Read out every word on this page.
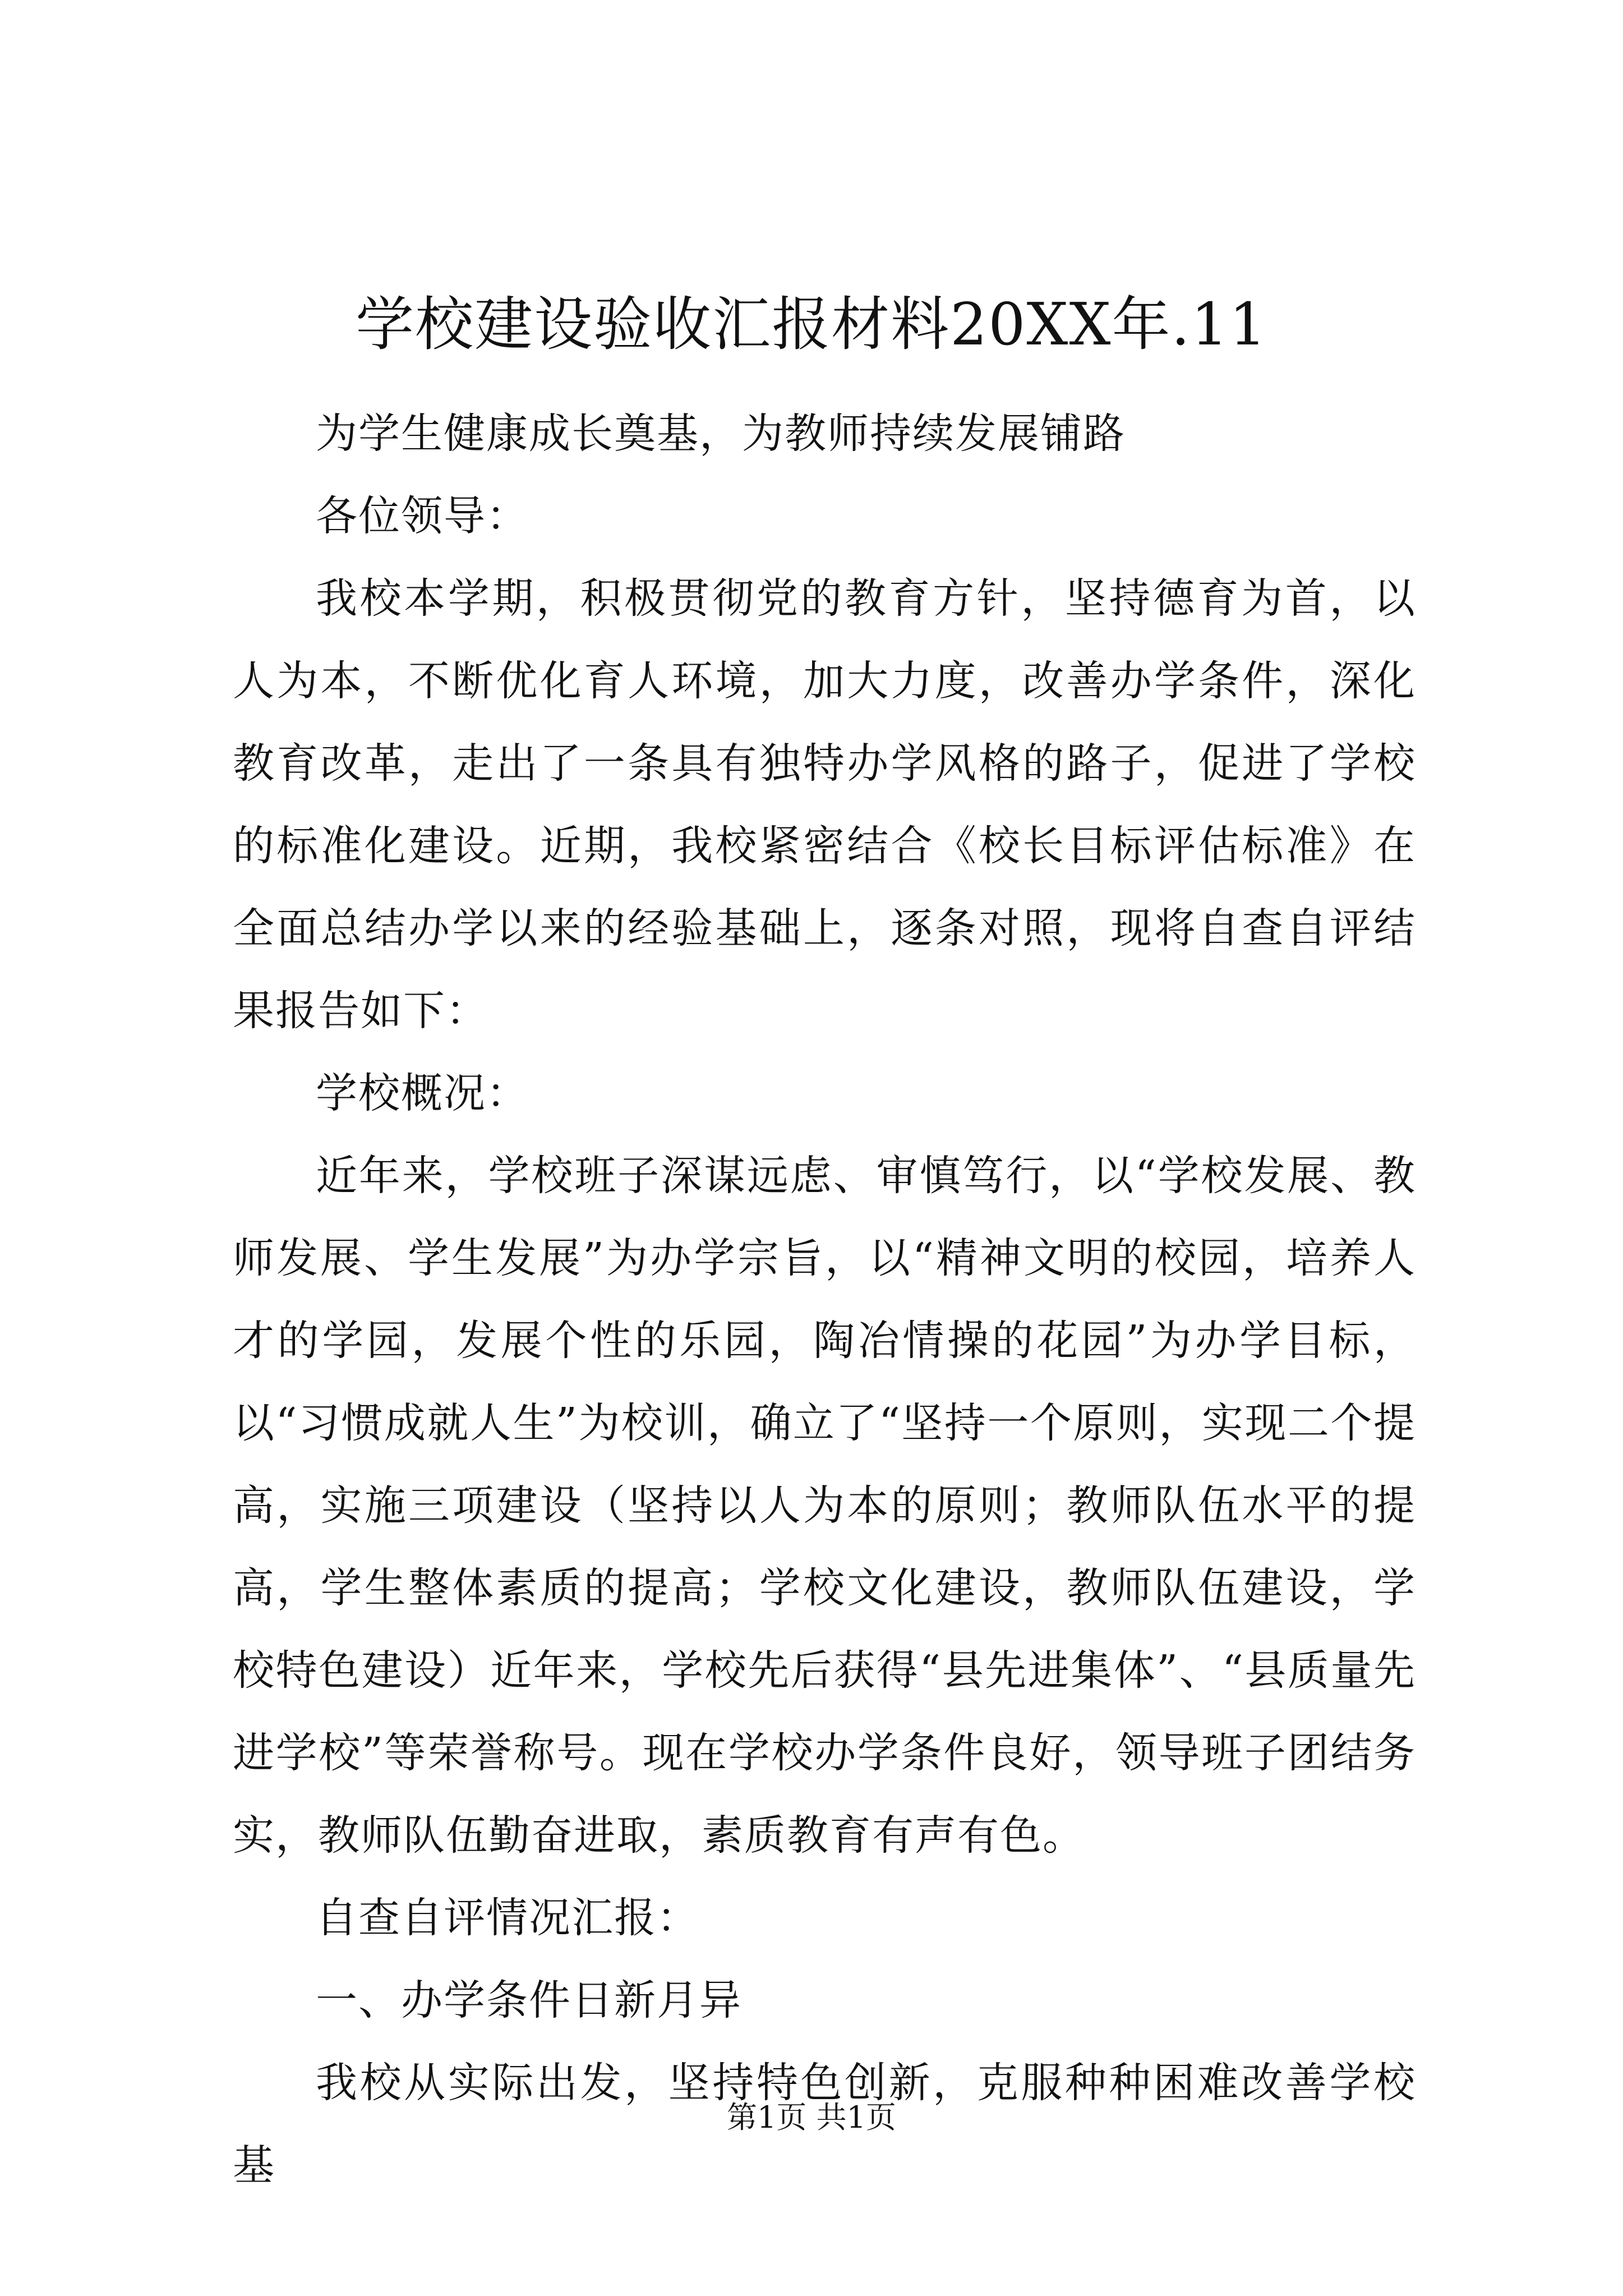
学校建设验收汇报材料20XX年.11

为学生健康成长奠基，为教师持续发展铺路

各位领导：

我校本学期，积极贯彻党的教育方针，坚持德育为首，以人为本，不断优化育人环境，加大力度，改善办学条件，深化教育改革，走出了一条具有独特办学风格的路子，促进了学校的标准化建设。近期，我校紧密结合《校长目标评估标准》在全面总结办学以来的经验基础上，逐条对照，现将自查自评结果报告如下：

学校概况：

近年来，学校班子深谋远虑、审慎笃行，以“学校发展、教师发展、学生发展”为办学宗旨，以“精神文明的校园，培养人才的学园，发展个性的乐园，陶冶情操的花园”为办学目标，以“习惯成就人生”为校训，确立了“坚持一个原则，实现二个提高，实施三项建设（坚持以人为本的原则；教师队伍水平的提高，学生整体素质的提高；学校文化建设，教师队伍建设，学校特色建设）近年来，学校先后获得“县先进集体”、“县质量先进学校”等荣誉称号。现在学校办学条件良好，领导班子团结务实，教师队伍勤奋进取，素质教育有声有色。

自查自评情况汇报：

一、办学条件日新月异

我校从实际出发，坚持特色创新，克服种种困难改善学校基

第1页 共1页
